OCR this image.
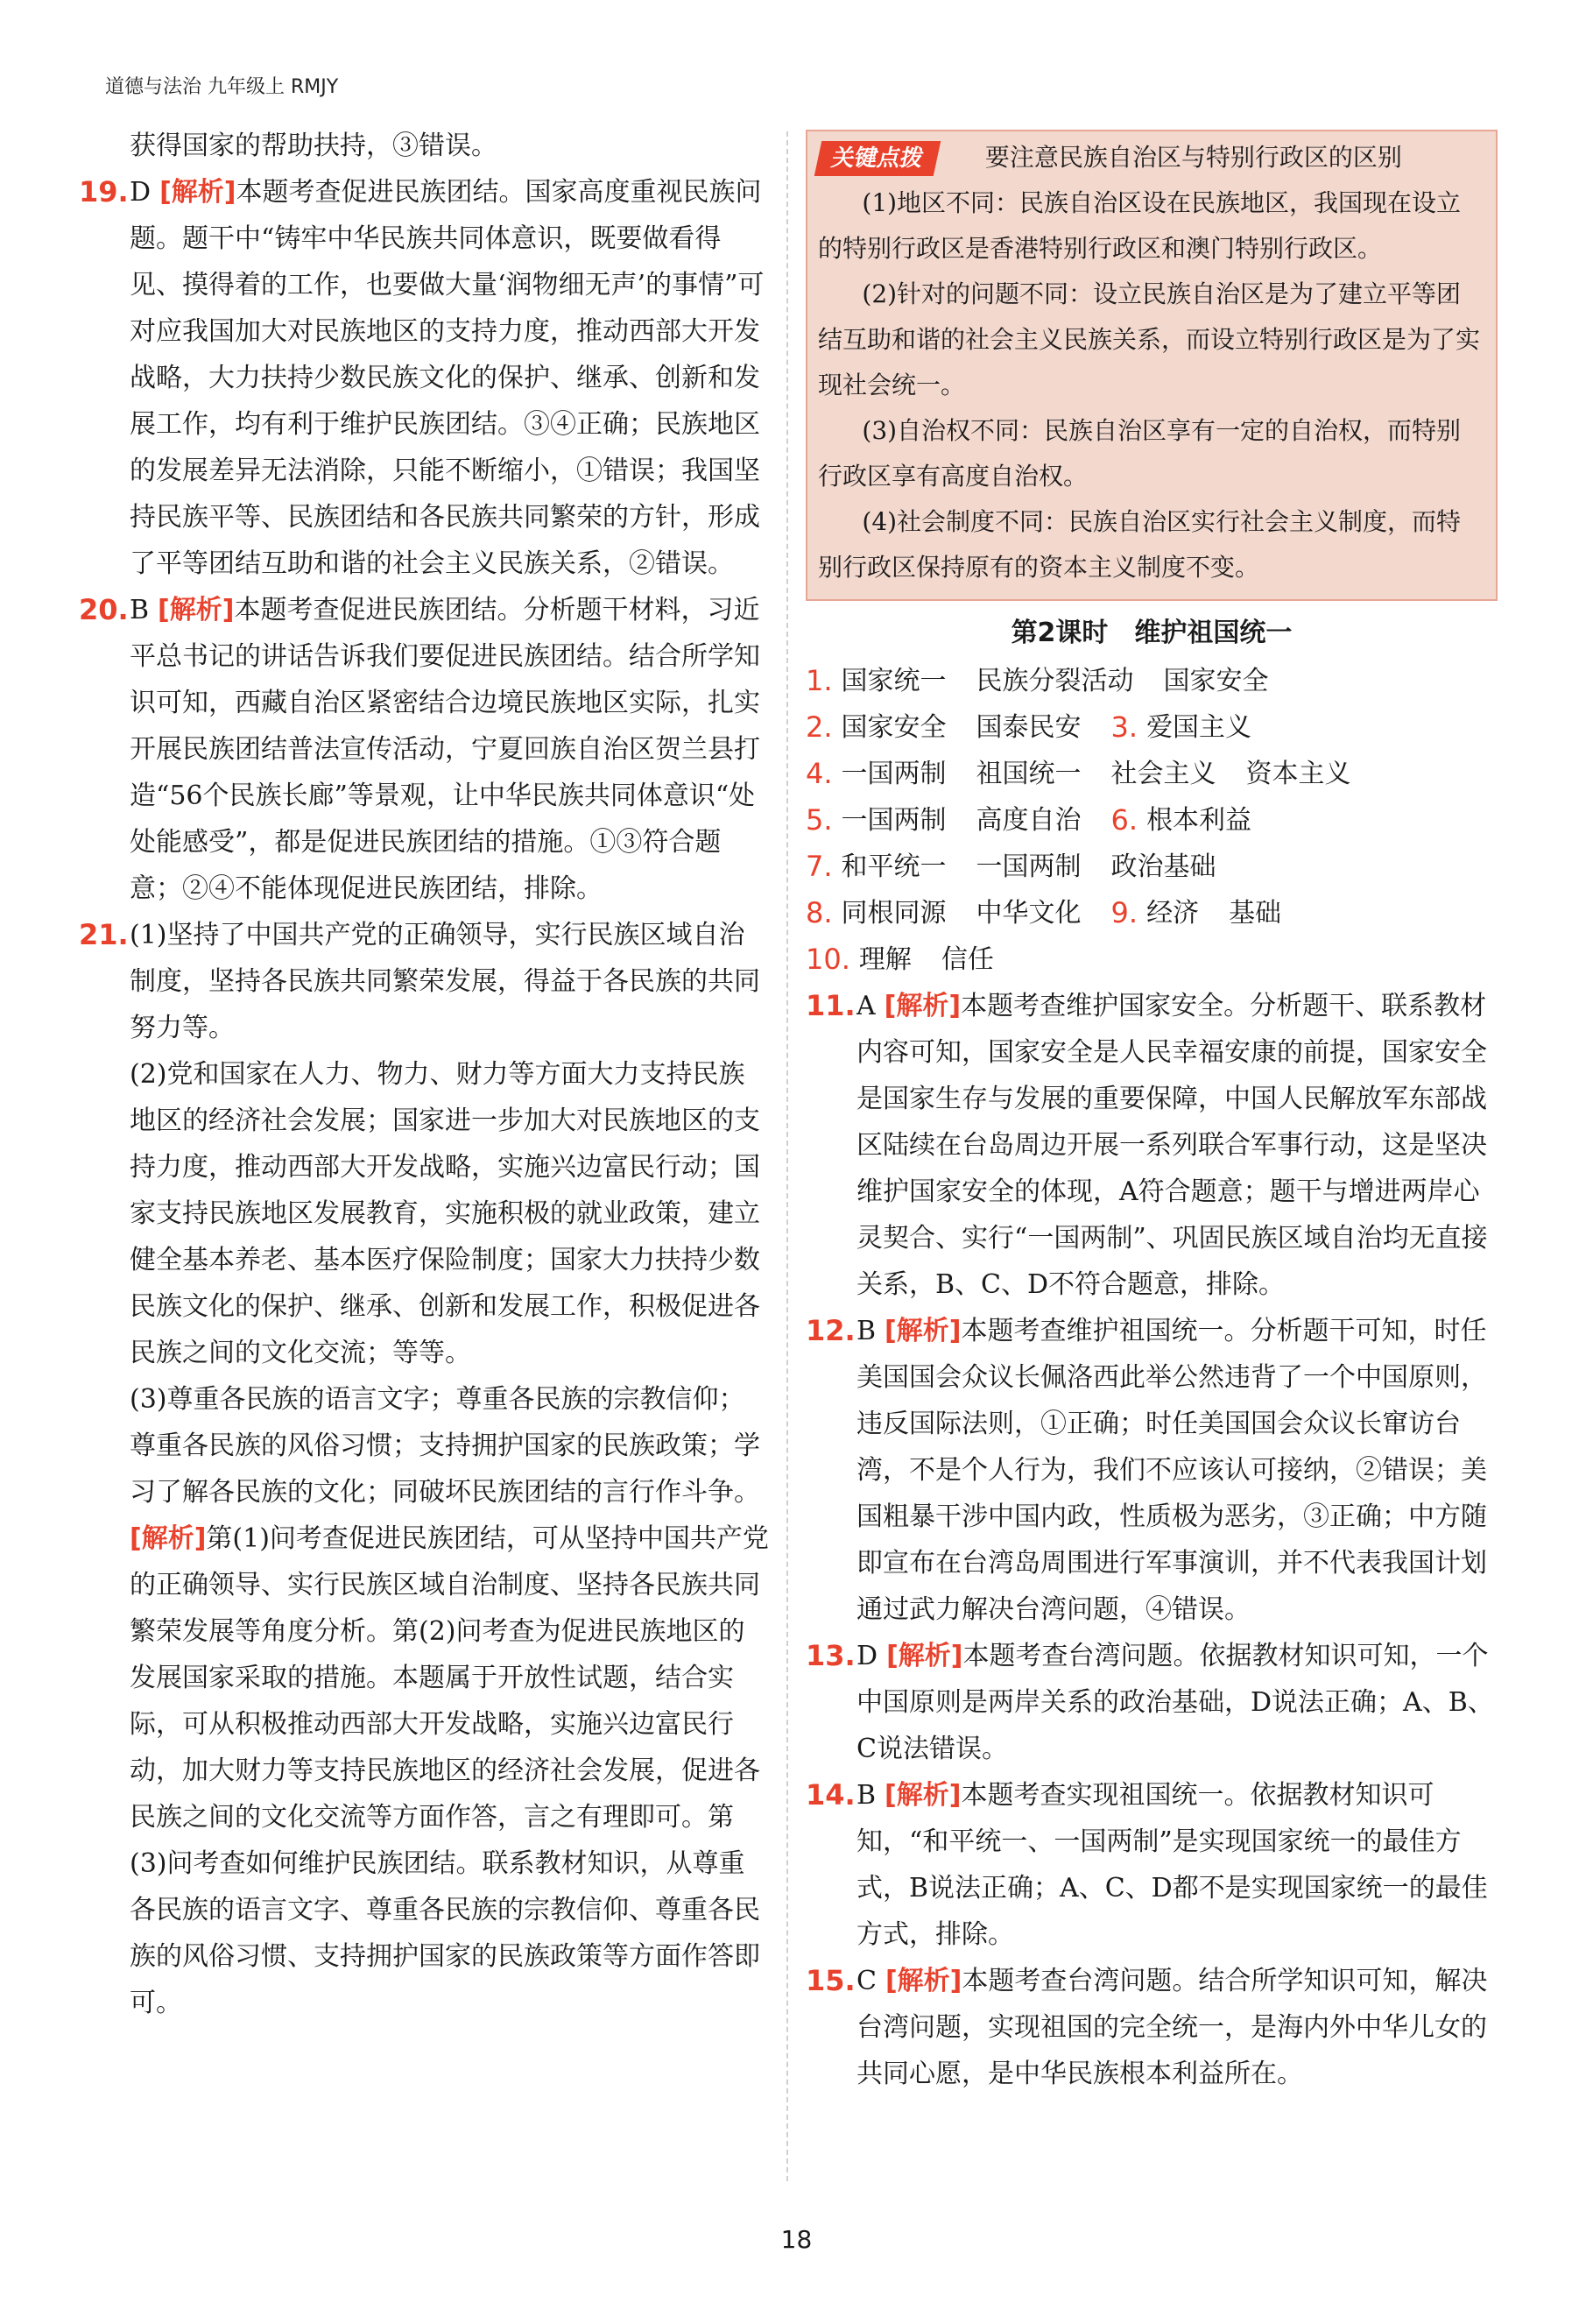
道德与法治 九年级上 RMJY
获得国家的帮助扶持，③错误。
19. D [解析]本题考查促进民族团结。国家高度重视民族问题。题干中“铸牢中华民族共同体意识，既要做看得见、摸得着的工作，也要做大量‘润物细无声’的事情”可对应我国加大对民族地区的支持力度，推动西部大开发战略，大力扶持少数民族文化的保护、继承、创新和发展工作，均有利于维护民族团结。③④正确；民族地区的发展差异无法消除，只能不断缩小，①错误；我国坚持民族平等、民族团结和各民族共同繁荣的方针，形成了平等团结互助和谐的社会主义民族关系，②错误。
20. B [解析]本题考查促进民族团结。分析题干材料，习近平总书记的讲话告诉我们要促进民族团结。结合所学知识可知，西藏自治区紧密结合边境民族地区实际，扎实开展民族团结普法宣传活动，宁夏回族自治区贺兰县打造“56个民族长廊”等景观，让中华民族共同体意识“处处能感受”，都是促进民族团结的措施。①③符合题意；②④不能体现促进民族团结，排除。
21. (1)坚持了中国共产党的正确领导，实行民族区域自治制度，坚持各民族共同繁荣发展，得益于各民族的共同努力等。
(2)党和国家在人力、物力、财力等方面大力支持民族地区的经济社会发展；国家进一步加大对民族地区的支持力度，推动西部大开发战略，实施兴边富民行动；国家支持民族地区发展教育，实施积极的就业政策，建立健全基本养老、基本医疗保险制度；国家大力扶持少数民族文化的保护、继承、创新和发展工作，积极促进各民族之间的文化交流；等等。
(3)尊重各民族的语言文字；尊重各民族的宗教信仰；尊重各民族的风俗习惯；支持拥护国家的民族政策；学习了解各民族的文化；同破坏民族团结的言行作斗争。
[解析]第(1)问考查促进民族团结，可从坚持中国共产党的正确领导、实行民族区域自治制度、坚持各民族共同繁荣发展等角度分析。第(2)问考查为促进民族地区的发展国家采取的措施。本题属于开放性试题，结合实际，可从积极推动西部大开发战略，实施兴边富民行动，加大财力等支持民族地区的经济社会发展，促进各民族之间的文化交流等方面作答，言之有理即可。第(3)问考查如何维护民族团结。联系教材知识，从尊重各民族的语言文字、尊重各民族的宗教信仰、尊重各民族的风俗习惯、支持拥护国家的民族政策等方面作答即可。
关键点拨 要注意民族自治区与特别行政区的区别

(1)地区不同：民族自治区设在民族地区，我国现在设立的特别行政区是香港特别行政区和澳门特别行政区。

(2)针对的问题不同：设立民族自治区是为了建立平等团结互助和谐的社会主义民族关系，而设立特别行政区是为了实现社会统一。

(3)自治权不同：民族自治区享有一定的自治权，而特别行政区享有高度自治权。

(4)社会制度不同：民族自治区实行社会主义制度，而特别行政区保持原有的资本主义制度不变。

第2课时　维护祖国统一
1. 国家统一 民族分裂活动 国家安全
2. 国家安全 国泰民安 3. 爱国主义
4. 一国两制 祖国统一 社会主义 资本主义
5. 一国两制 高度自治 6. 根本利益
7. 和平统一 一国两制 政治基础
8. 同根同源 中华文化 9. 经济 基础
10. 理解 信任
11. A [解析]本题考查维护国家安全。分析题干、联系教材内容可知，国家安全是人民幸福安康的前提，国家安全是国家生存与发展的重要保障，中国人民解放军东部战区陆续在台岛周边开展一系列联合军事行动，这是坚决维护国家安全的体现，A符合题意；题干与增进两岸心灵契合、实行“一国两制”、巩固民族区域自治均无直接关系，B、C、D不符合题意，排除。
12. B [解析]本题考查维护祖国统一。分析题干可知，时任美国国会众议长佩洛西此举公然违背了一个中国原则，违反国际法则，①正确；时任美国国会众议长窜访台湾，不是个人行为，我们不应该认可接纳，②错误；美国粗暴干涉中国内政，性质极为恶劣，③正确；中方随即宣布在台湾岛周围进行军事演训，并不代表我国计划通过武力解决台湾问题，④错误。
13. D [解析]本题考查台湾问题。依据教材知识可知，一个中国原则是两岸关系的政治基础，D说法正确；A、B、C说法错误。
14. B [解析]本题考查实现祖国统一。依据教材知识可知，“和平统一、一国两制”是实现国家统一的最佳方式，B说法正确；A、C、D都不是实现国家统一的最佳方式，排除。
15. C [解析]本题考查台湾问题。结合所学知识可知，解决台湾问题，实现祖国的完全统一，是海内外中华儿女的共同心愿，是中华民族根本利益所在。
18
